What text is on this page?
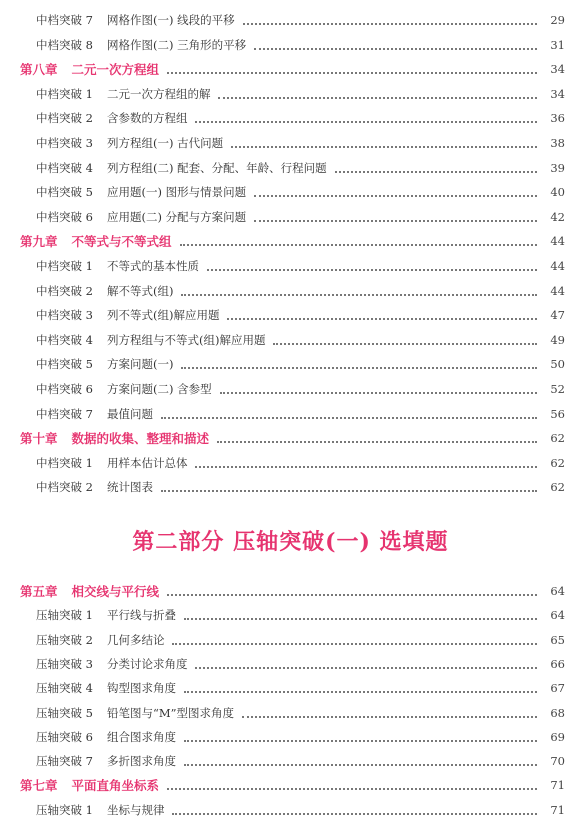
中档突破 7 网格作图(一) 线段的平移	29
中档突破 8 网格作图(二) 三角形的平移	31
第八章 二元一次方程组	34
中档突破 1 二元一次方程组的解	34
中档突破 2 含参数的方程组	36
中档突破 3 列方程组(一) 古代问题	38
中档突破 4 列方程组(二) 配套、分配、年龄、行程问题	39
中档突破 5 应用题(一) 图形与情景问题	40
中档突破 6 应用题(二) 分配与方案问题	42
第九章 不等式与不等式组	44
中档突破 1 不等式的基本性质	44
中档突破 2 解不等式(组)	44
中档突破 3 列不等式(组)解应用题	47
中档突破 4 列方程组与不等式(组)解应用题	49
中档突破 5 方案问题(一)	50
中档突破 6 方案问题(二) 含参型	52
中档突破 7 最值问题	56
第十章 数据的收集、整理和描述	62
中档突破 1 用样本估计总体	62
中档突破 2 统计图表	62
第二部分 压轴突破(一) 选填题
第五章 相交线与平行线	64
压轴突破 1 平行线与折叠	64
压轴突破 2 几何多结论	65
压轴突破 3 分类讨论求角度	66
压轴突破 4 钩型图求角度	67
压轴突破 5 铅笔图与“M”型图求角度	68
压轴突破 6 组合图求角度	69
压轴突破 7 多折图求角度	70
第七章 平面直角坐标系	71
压轴突破 1 坐标与规律	71
